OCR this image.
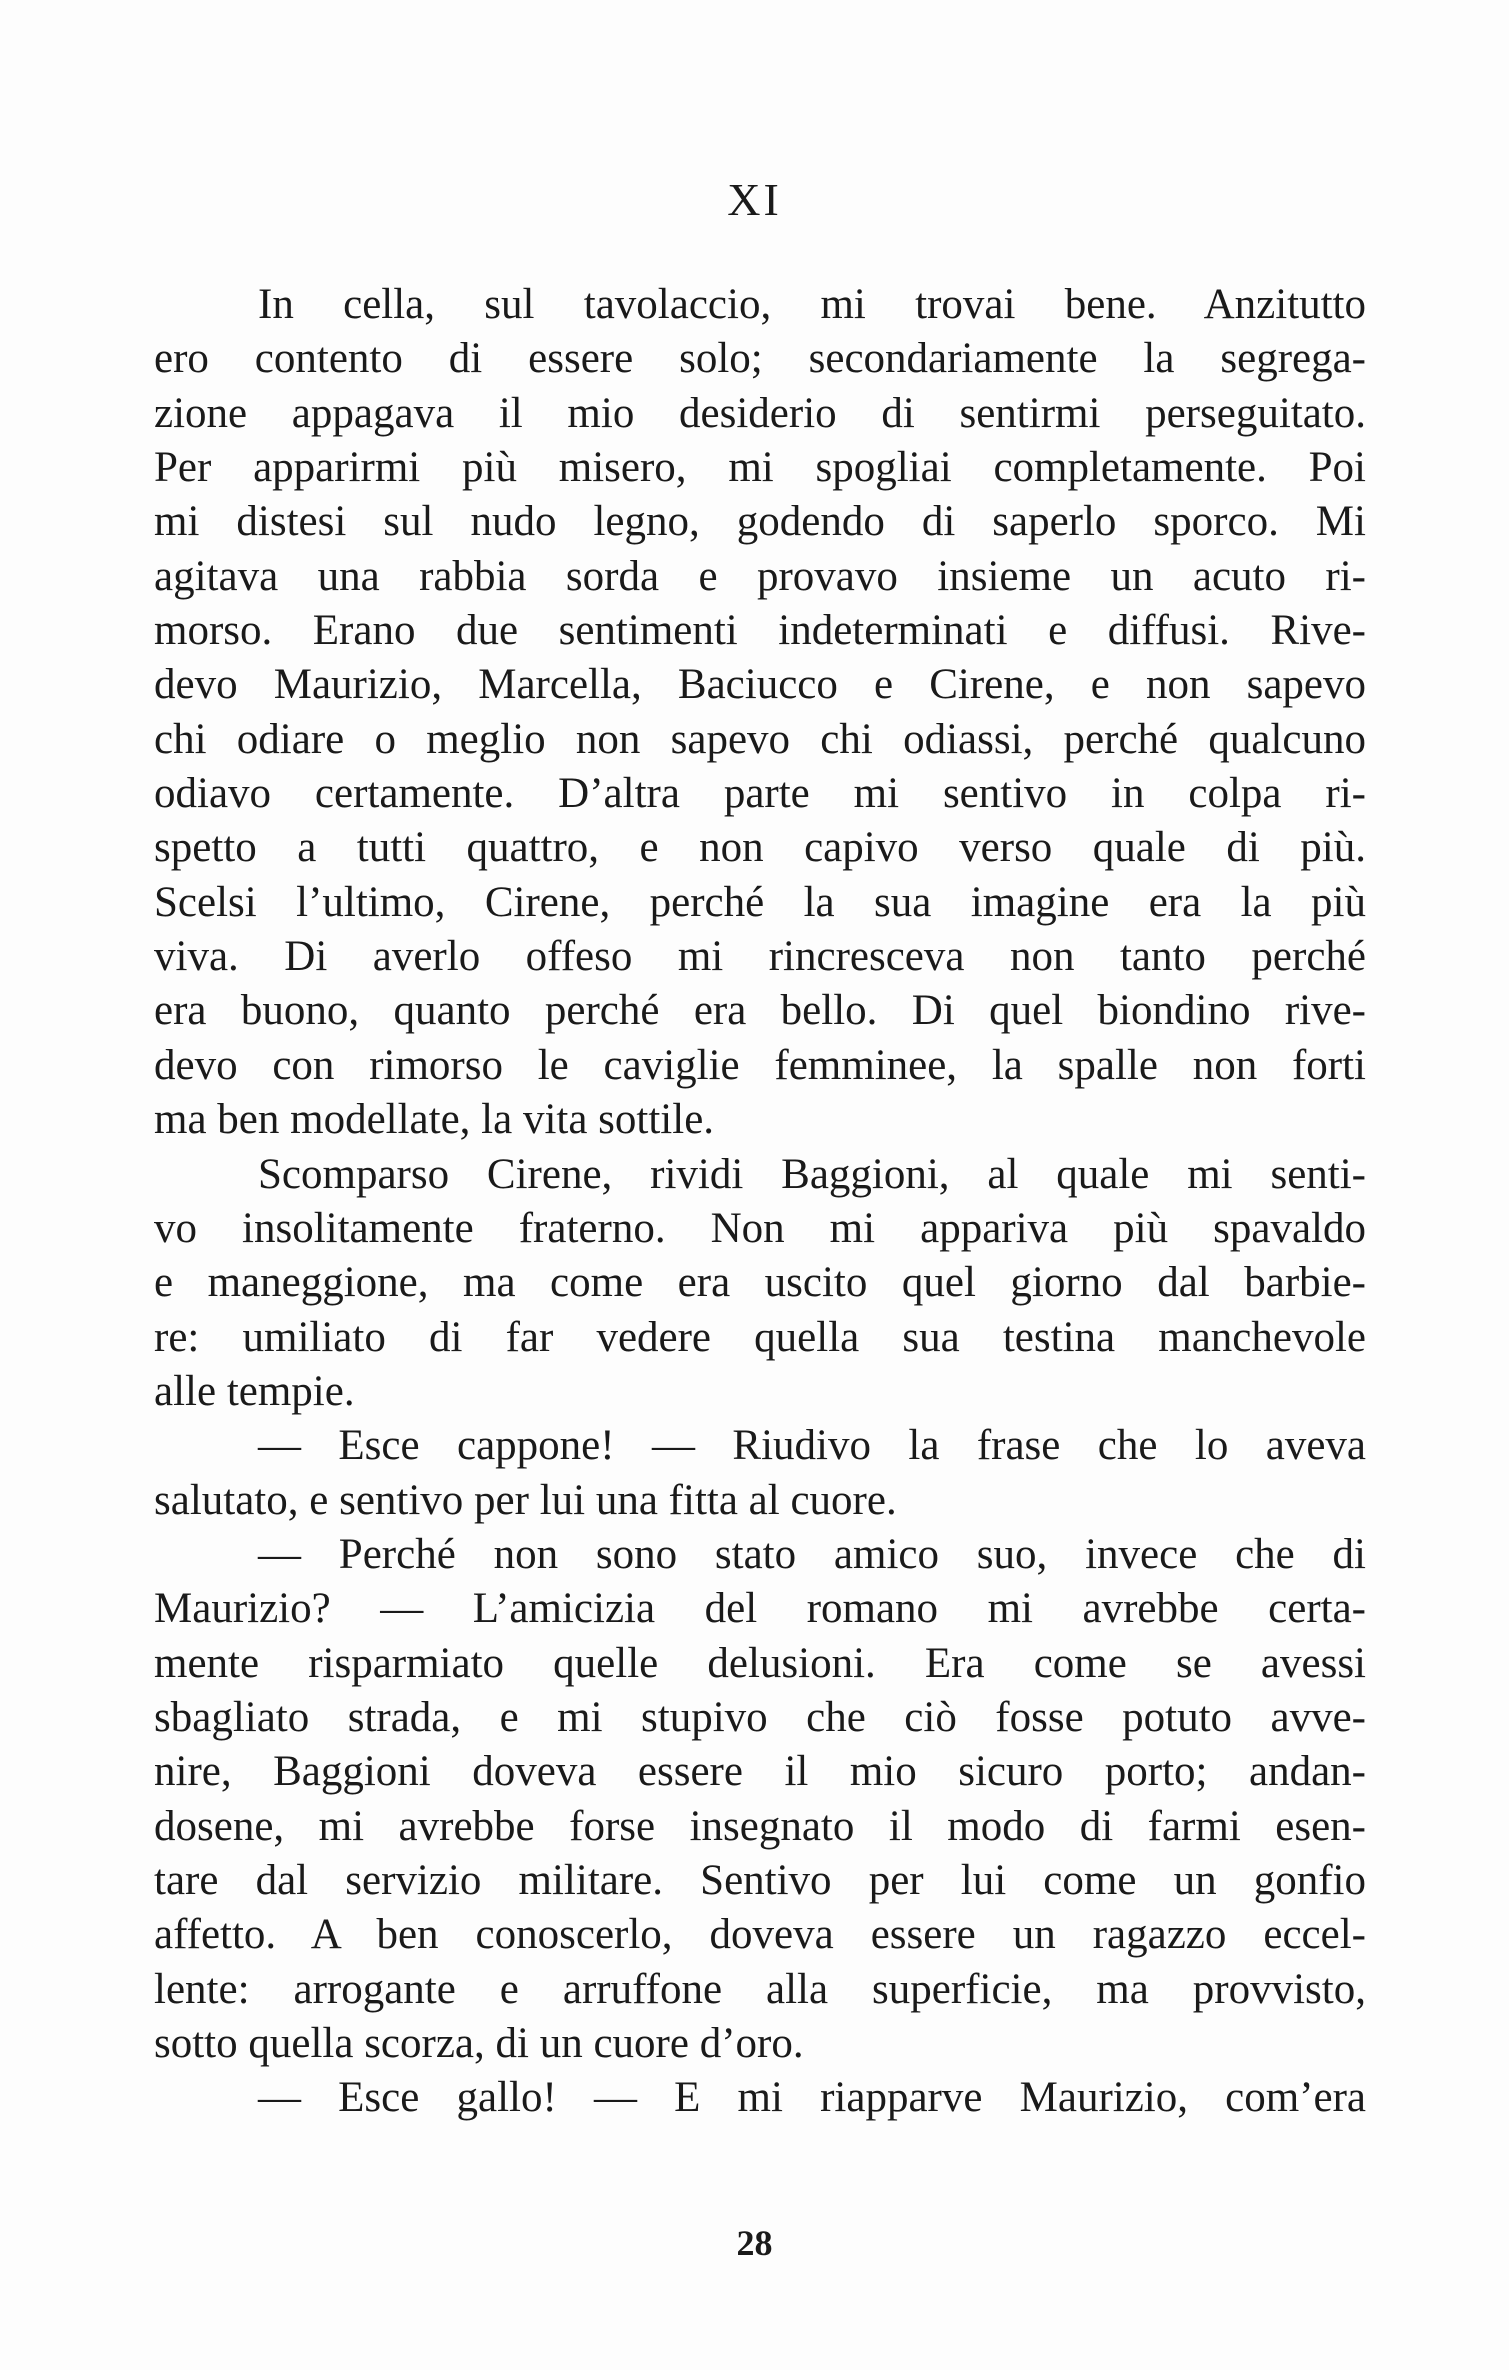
XI
In cella, sul tavolaccio, mi trovai bene. Anzitutto
ero contento di essere solo; secondariamente la segrega-
zione appagava il mio desiderio di sentirmi perseguitato.
Per apparirmi più misero, mi spogliai completamente. Poi
mi distesi sul nudo legno, godendo di saperlo sporco. Mi
agitava una rabbia sorda e provavo insieme un acuto ri-
morso. Erano due sentimenti indeterminati e diffusi. Rive-
devo Maurizio, Marcella, Baciucco e Cirene, e non sapevo
chi odiare o meglio non sapevo chi odiassi, perché qualcuno
odiavo certamente. D’altra parte mi sentivo in colpa ri-
spetto a tutti quattro, e non capivo verso quale di più.
Scelsi l’ultimo, Cirene, perché la sua imagine era la più
viva. Di averlo offeso mi rincresceva non tanto perché
era buono, quanto perché era bello. Di quel biondino rive-
devo con rimorso le caviglie femminee, la spalle non forti
ma ben modellate, la vita sottile.
Scomparso Cirene, rividi Baggioni, al quale mi senti-
vo insolitamente fraterno. Non mi appariva più spavaldo
e maneggione, ma come era uscito quel giorno dal barbie-
re: umiliato di far vedere quella sua testina manchevole
alle tempie.
— Esce cappone! — Riudivo la frase che lo aveva
salutato, e sentivo per lui una fitta al cuore.
— Perché non sono stato amico suo, invece che di
Maurizio? — L’amicizia del romano mi avrebbe certa-
mente risparmiato quelle delusioni. Era come se avessi
sbagliato strada, e mi stupivo che ciò fosse potuto avve-
nire, Baggioni doveva essere il mio sicuro porto; andan-
dosene, mi avrebbe forse insegnato il modo di farmi esen-
tare dal servizio militare. Sentivo per lui come un gonfio
affetto. A ben conoscerlo, doveva essere un ragazzo eccel-
lente: arrogante e arruffone alla superficie, ma provvisto,
sotto quella scorza, di un cuore d’oro.
— Esce gallo! — E mi riapparve Maurizio, com’era
28
